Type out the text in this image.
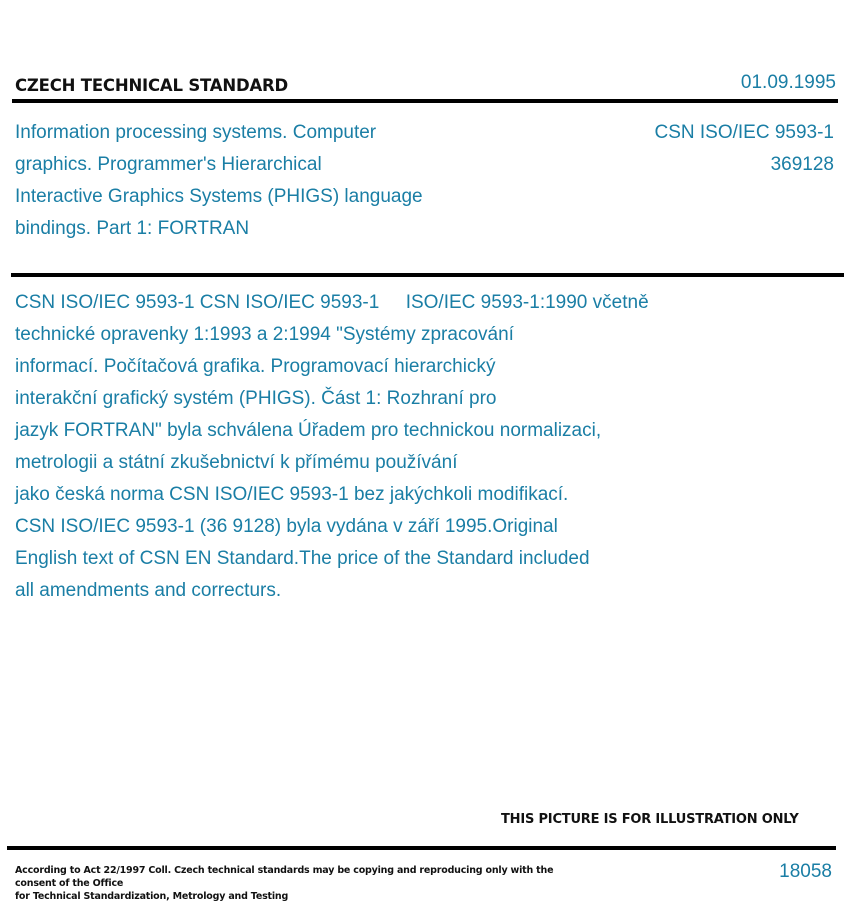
CZECH TECHNICAL STANDARD	01.09.1995
Information processing systems. Computer
graphics. Programmer's Hierarchical
Interactive Graphics Systems (PHIGS) language
bindings. Part 1: FORTRAN
CSN ISO/IEC 9593-1
369128
CSN ISO/IEC 9593-1 CSN ISO/IEC 9593-1     ISO/IEC 9593-1:1990 včetně
technické opravenky 1:1993 a 2:1994 "Systémy zpracování
informací. Počítačová grafika. Programovací hierarchický
interakční grafický systém (PHIGS). Část 1: Rozhraní pro
jazyk FORTRAN" byla schválena Úřadem pro technickou normalizaci,
metrologii a státní zkušebnictví k přímému používání
jako česká norma CSN ISO/IEC 9593-1 bez jakýchkoli modifikací.
CSN ISO/IEC 9593-1 (36 9128) byla vydána v září 1995.Original
English text of CSN EN Standard.The price of the Standard included
all amendments and correcturs.
THIS PICTURE IS FOR ILLUSTRATION ONLY
According to Act 22/1997 Coll. Czech technical standards may be copying and reproducing only with the consent of the Office
for Technical Standardization, Metrology and Testing
18058
